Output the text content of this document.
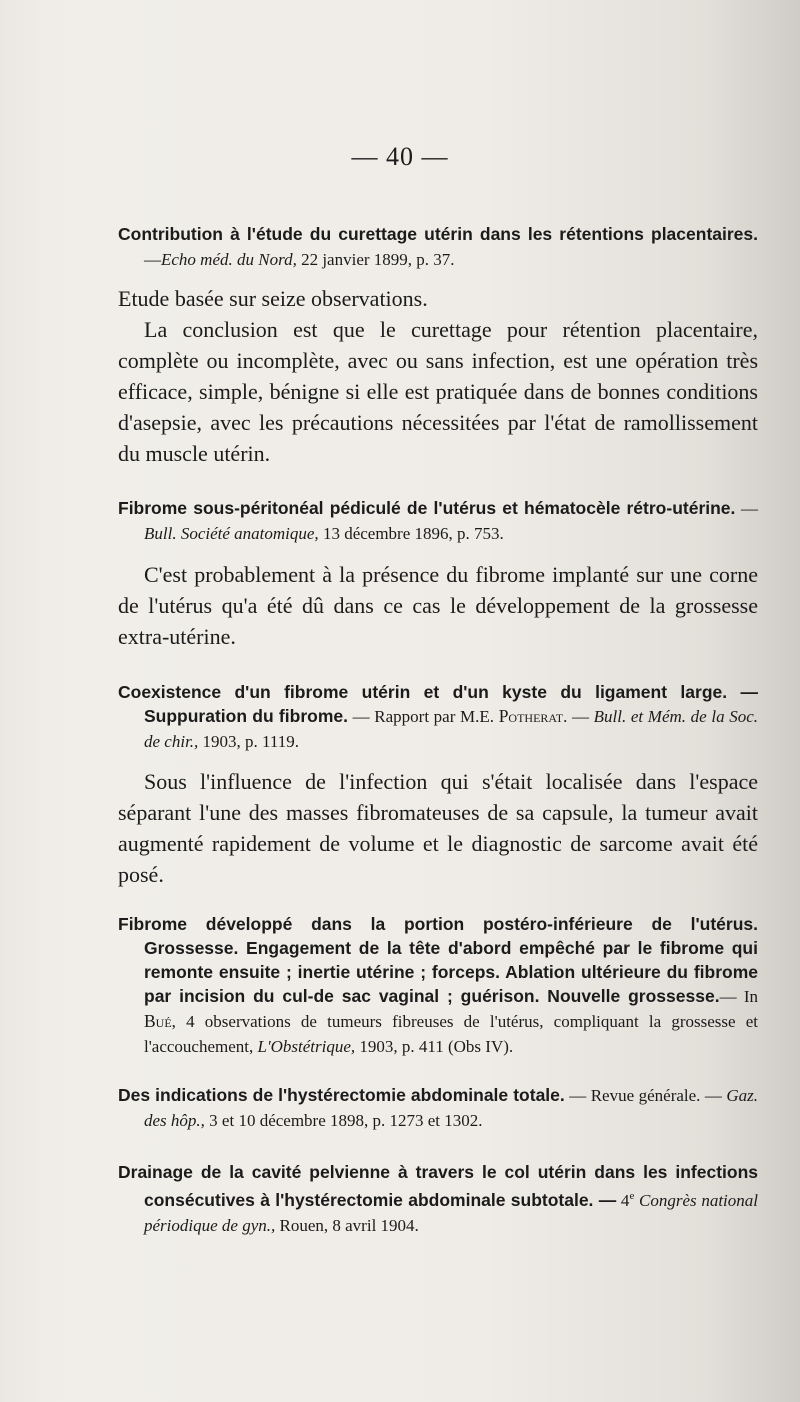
— 40 —

Contribution à l'étude du curettage utérin dans les rétentions placentaires. —Echo méd. du Nord, 22 janvier 1899, p. 37.

Etude basée sur seize observations.

La conclusion est que le curettage pour rétention placentaire, complète ou incomplète, avec ou sans infection, est une opération très efficace, simple, bénigne si elle est pratiquée dans de bonnes conditions d'asepsie, avec les précautions nécessitées par l'état de ramollissement du muscle utérin.

Fibrome sous-péritonéal pédiculé de l'utérus et hématocèle rétro-utérine. —Bull. Société anatomique, 13 décembre 1896, p. 753.

C'est probablement à la présence du fibrome implanté sur une corne de l'utérus qu'a été dû dans ce cas le développement de la grossesse extra-utérine.

Coexistence d'un fibrome utérin et d'un kyste du ligament large. — Suppuration du fibrome. — Rapport par M.E. Potherat. — Bull. et Mém. de la Soc. de chir., 1903, p. 1119.

Sous l'influence de l'infection qui s'était localisée dans l'espace séparant l'une des masses fibromateuses de sa capsule, la tumeur avait augmenté rapidement de volume et le diagnostic de sarcome avait été posé.

Fibrome développé dans la portion postéro-inférieure de l'utérus. Grossesse. Engagement de la tête d'abord empêché par le fibrome qui remonte ensuite ; inertie utérine ; forceps. Ablation ultérieure du fibrome par incision du cul-de sac vaginal ; guérison. Nouvelle grossesse.— In Bué, 4 observations de tumeurs fibreuses de l'utérus, compliquant la grossesse et l'accouchement, L'Obstétrique, 1903, p. 411 (Obs IV).

Des indications de l'hystérectomie abdominale totale. — Revue générale. — Gaz. des hôp., 3 et 10 décembre 1898, p. 1273 et 1302.

Drainage de la cavité pelvienne à travers le col utérin dans les infections consécutives à l'hystérectomie abdominale subtotale. — 4e Congrès national périodique de gyn., Rouen, 8 avril 1904.
